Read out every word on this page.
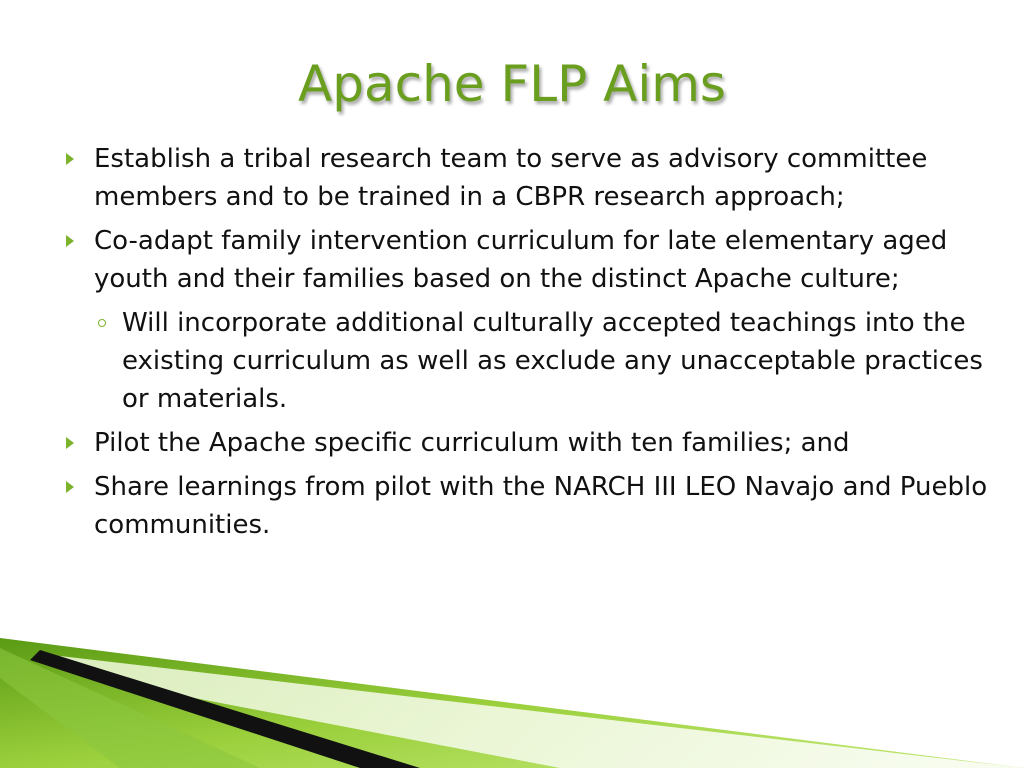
Apache FLP Aims
Establish a tribal research team to serve as advisory committee members and to be trained in a CBPR research approach;
Co-adapt family intervention curriculum for late elementary aged youth and their families based on the distinct Apache culture;
Will incorporate additional culturally accepted teachings into the existing curriculum as well as exclude any unacceptable practices or materials.
Pilot the Apache specific curriculum with ten families; and
Share learnings from pilot with the NARCH III LEO Navajo and Pueblo communities.
